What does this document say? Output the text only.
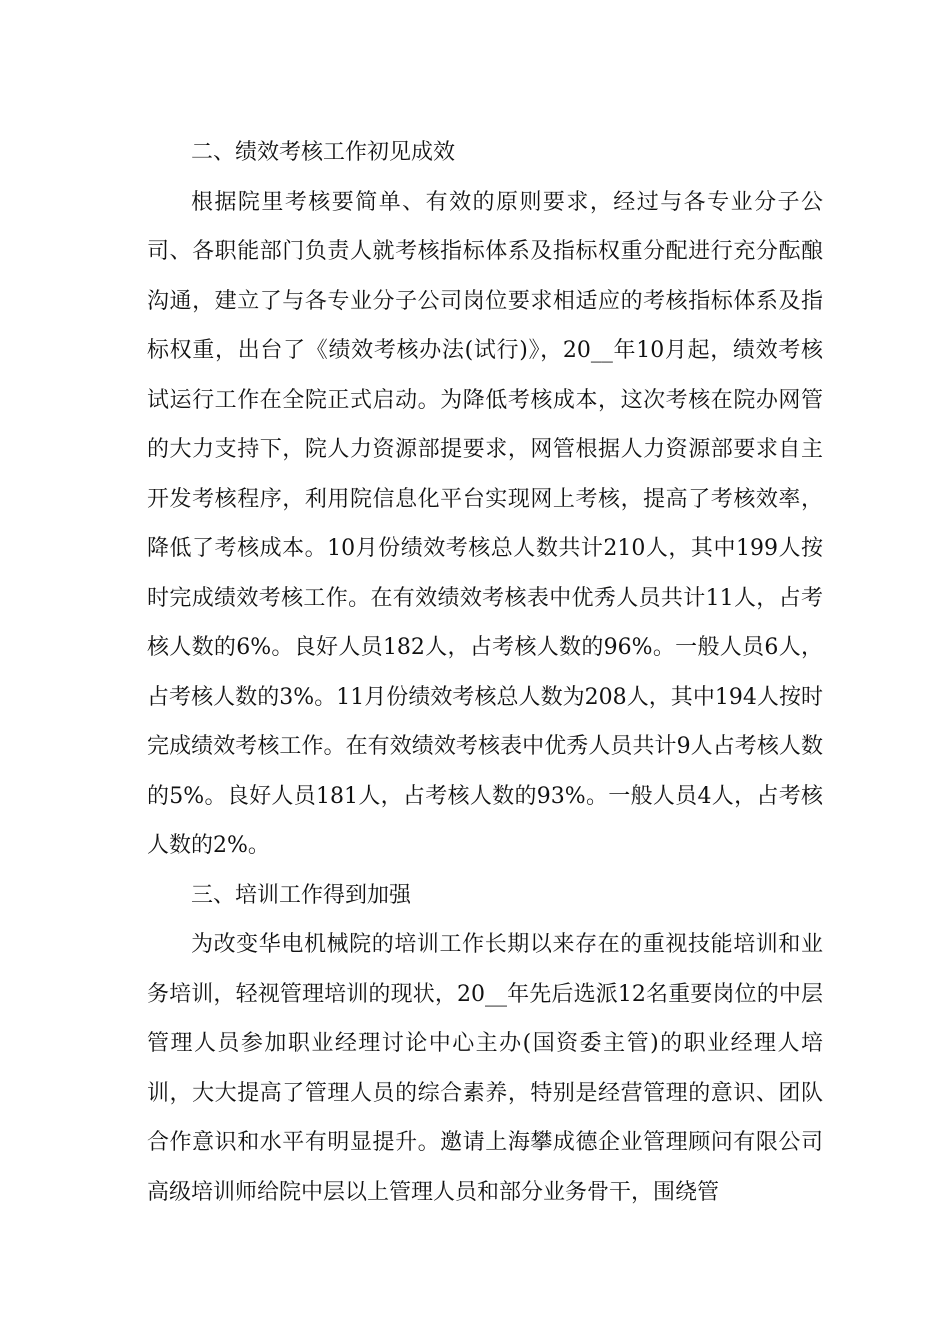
二、绩效考核工作初见成效

根据院里考核要简单、有效的原则要求，经过与各专业分子公司、各职能部门负责人就考核指标体系及指标权重分配进行充分酝酿沟通，建立了与各专业分子公司岗位要求相适应的考核指标体系及指标权重，出台了《绩效考核办法(试行)》，20__年10月起，绩效考核试运行工作在全院正式启动。为降低考核成本，这次考核在院办网管的大力支持下，院人力资源部提要求，网管根据人力资源部要求自主开发考核程序，利用院信息化平台实现网上考核，提高了考核效率，降低了考核成本。10月份绩效考核总人数共计210人，其中199人按时完成绩效考核工作。在有效绩效考核表中优秀人员共计11人，占考核人数的6%。良好人员182人，占考核人数的96%。一般人员6人，占考核人数的3%。11月份绩效考核总人数为208人，其中194人按时完成绩效考核工作。在有效绩效考核表中优秀人员共计9人占考核人数的5%。良好人员181人，占考核人数的93%。一般人员4人，占考核人数的2%。

三、培训工作得到加强

为改变华电机械院的培训工作长期以来存在的重视技能培训和业务培训，轻视管理培训的现状，20__年先后选派12名重要岗位的中层管理人员参加职业经理讨论中心主办(国资委主管)的职业经理人培训，大大提高了管理人员的综合素养，特别是经营管理的意识、团队合作意识和水平有明显提升。邀请上海攀成德企业管理顾问有限公司高级培训师给院中层以上管理人员和部分业务骨干，围绕管
